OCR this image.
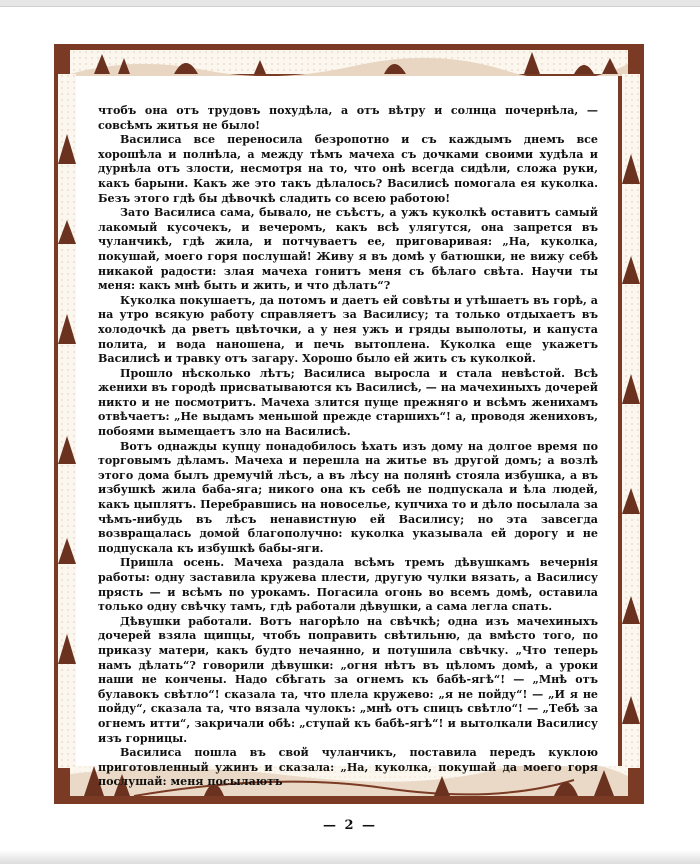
чтобъ она отъ трудовъ похудѣла, а отъ вѣтру и солнца почернѣла, — совсѣмъ житья не было!

Василиса все переносила безропотно и съ каждымъ днемъ все хорошѣла и полнѣла, а между тѣмъ мачеха съ дочками своими худѣла и дурнѣла отъ злости, несмотря на то, что онѣ всегда сидѣли, сложа руки, какъ барыни. Какъ же это такъ дѣлалось? Василисѣ помогала ея куколка. Безъ этого гдѣ бы дѣвочкѣ сладить со всею работою!

Зато Василиса сама, бывало, не съѣстъ, а ужъ куколкѣ оставитъ самый лакомый кусочекъ, и вечеромъ, какъ всѣ улягутся, она запрется въ чуланчикѣ, гдѣ жила, и потчуваетъ ее, приговаривая: „На, куколка, покушай, моего горя послушай! Живу я въ домѣ у батюшки, не вижу себѣ никакой радости: злая мачеха гонитъ меня съ бѣлаго свѣта. Научи ты меня: какъ мнѣ быть и жить, и что дѣлать“?

Куколка покушаетъ, да потомъ и даетъ ей совѣты и утѣшаетъ въ горѣ, а на утро всякую работу справляетъ за Василису; та только отдыхаетъ въ холодочкѣ да рветъ цвѣточки, а у нея ужъ и гряды выполоты, и капуста полита, и вода наношена, и печь вытоплена. Куколка еще укажетъ Василисѣ и травку отъ загару. Хорошо было ей жить съ куколкой.

Прошло нѣсколько лѣтъ; Василиса выросла и стала невѣстой. Всѣ женихи въ городѣ присватываются къ Василисѣ, — на мачехиныхъ дочерей никто и не посмотритъ. Мачеха злится пуще прежняго и всѣмъ женихамъ отвѣчаетъ: „Не выдамъ меньшой прежде старшихъ“! а, проводя жениховъ, побоями вымещаетъ зло на Василисѣ.

Вотъ однажды купцу понадобилось ѣхать изъ дому на долгое время по торговымъ дѣламъ. Мачеха и перешла на житье въ другой домъ; а возлѣ этого дома былъ дремучій лѣсъ, а въ лѣсу на полянѣ стояла избушка, а въ избушкѣ жила баба-яга; никого она къ себѣ не подпускала и ѣла людей, какъ цыплятъ. Перебравшись на новоселье, купчиха то и дѣло посылала за чѣмъ-нибудь въ лѣсъ ненавистную ей Василису; но эта завсегда возвращалась домой благополучно: куколка указывала ей дорогу и не подпускала къ избушкѣ бабы-яги.

Пришла осень. Мачеха раздала всѣмъ тремъ дѣвушкамъ вечернія работы: одну заставила кружева плести, другую чулки вязать, а Василису прясть — и всѣмъ по урокамъ. Погасила огонь во всемъ домѣ, оставила только одну свѣчку тамъ, гдѣ работали дѣвушки, а сама легла спать.

Дѣвушки работали. Вотъ нагорѣло на свѣчкѣ; одна изъ мачехиныхъ дочерей взяла щипцы, чтобъ поправить свѣтильню, да вмѣсто того, по приказу матери, какъ будто нечаянно, и потушила свѣчку. „Что теперь намъ дѣлать“? говорили дѣвушки: „огня нѣтъ въ цѣломъ домѣ, а уроки наши не кончены. Надо сбѣгать за огнемъ къ бабѣ-ягѣ“! — „Мнѣ отъ булавокъ свѣтло“! сказала та, что плела кружево: „я не пойду“! — „И я не пойду“, сказала та, что вязала чулокъ: „мнѣ отъ спицъ свѣтло“! — „Тебѣ за огнемъ итти“, закричали обѣ: „ступай къ бабѣ-ягѣ“! и вытолкали Василису изъ горницы.

Василиса пошла въ свой чуланчикъ, поставила передъ куклою приготовленный ужинъ и сказала: „На, куколка, покушай да моего горя послушай: меня посылаютъ

— 2 —
